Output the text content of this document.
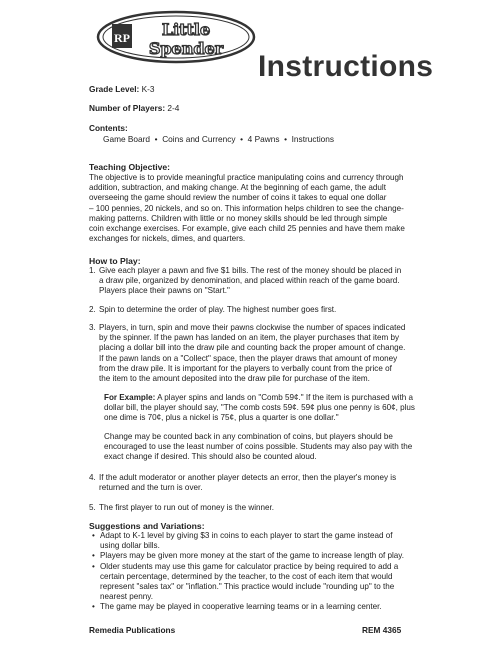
RP Little
Spender
Instructions
Grade Level: K-3
Number of Players: 2-4
Contents:
Game Board  •  Coins and Currency  •  4 Pawns  •  Instructions
Teaching Objective:
The objective is to provide meaningful practice manipulating coins and currency through
addition, subtraction, and making change. At the beginning of each game, the adult
overseeing the game should review the number of coins it takes to equal one dollar
– 100 pennies, 20 nickels, and so on. This information helps children to see the change-
making patterns. Children with little or no money skills should be led through simple
coin exchange exercises. For example, give each child 25 pennies and have them make
exchanges for nickels, dimes, and quarters.
How to Play:
1. Give each player a pawn and five $1 bills. The rest of the money should be placed in
a draw pile, organized by denomination, and placed within reach of the game board.
Players place their pawns on "Start."
2. Spin to determine the order of play. The highest number goes first.
3. Players, in turn, spin and move their pawns clockwise the number of spaces indicated
by the spinner. If the pawn has landed on an item, the player purchases that item by
placing a dollar bill into the draw pile and counting back the proper amount of change.
If the pawn lands on a "Collect" space, then the player draws that amount of money
from the draw pile. It is important for the players to verbally count from the price of
the item to the amount deposited into the draw pile for purchase of the item.
For Example: A player spins and lands on "Comb 59¢." If the item is purchased with a
dollar bill, the player should say, "The comb costs 59¢. 59¢ plus one penny is 60¢, plus
one dime is 70¢, plus a nickel is 75¢, plus a quarter is one dollar."
Change may be counted back in any combination of coins, but players should be
encouraged to use the least number of coins possible. Students may also pay with the
exact change if desired. This should also be counted aloud.
4. If the adult moderator or another player detects an error, then the player's money is
returned and the turn is over.
5. The first player to run out of money is the winner.
Suggestions and Variations:
• Adapt to K-1 level by giving $3 in coins to each player to start the game instead of
using dollar bills.
• Players may be given more money at the start of the game to increase length of play.
• Older students may use this game for calculator practice by being required to add a
certain percentage, determined by the teacher, to the cost of each item that would
represent "sales tax" or "inflation." This practice would include "rounding up" to the
nearest penny.
• The game may be played in cooperative learning teams or in a learning center.
Remedia Publications	REM 4365
